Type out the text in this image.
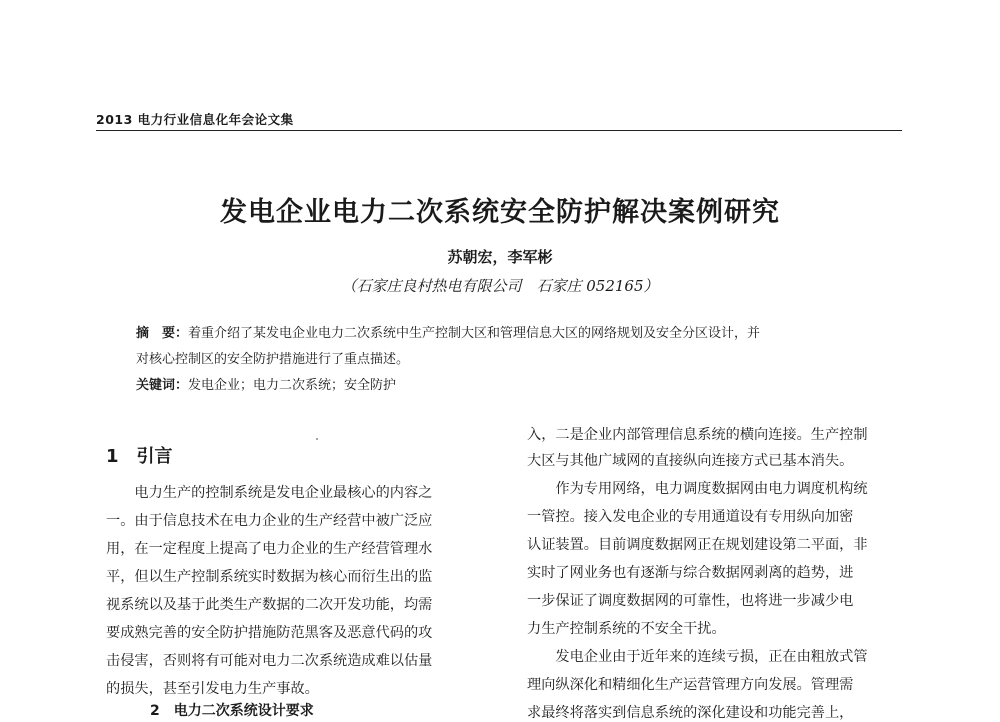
2013 电力行业信息化年会论文集
发电企业电力二次系统安全防护解决案例研究
苏朝宏，李军彬
（石家庄良村热电有限公司　石家庄 052165）
摘　要：着重介绍了某发电企业电力二次系统中生产控制大区和管理信息大区的网络规划及安全分区设计，并
对核心控制区的安全防护措施进行了重点描述。
关键词：发电企业；电力二次系统；安全防护
1 引言
　　电力生产的控制系统是发电企业最核心的内容之
一。由于信息技术在电力企业的生产经营中被广泛应
用，在一定程度上提高了电力企业的生产经营管理水
平，但以生产控制系统实时数据为核心而衍生出的监
视系统以及基于此类生产数据的二次开发功能，均需
要成熟完善的安全防护措施防范黑客及恶意代码的攻
击侵害，否则将有可能对电力二次系统造成难以估量
的损失，甚至引发电力生产事故。
入，二是企业内部管理信息系统的横向连接。生产控制
大区与其他广域网的直接纵向连接方式已基本消失。
　　作为专用网络，电力调度数据网由电力调度机构统
一管控。接入发电企业的专用通道设有专用纵向加密
认证装置。目前调度数据网正在规划建设第二平面，非
实时了网业务也有逐渐与综合数据网剥离的趋势，进
一步保证了调度数据网的可靠性，也将进一步减少电
力生产控制系统的不安全干扰。
　　发电企业由于近年来的连续亏损，正在由粗放式管
理向纵深化和精细化生产运营管理方向发展。管理需
求最终将落实到信息系统的深化建设和功能完善上，
2　电力二次系统设计要求
